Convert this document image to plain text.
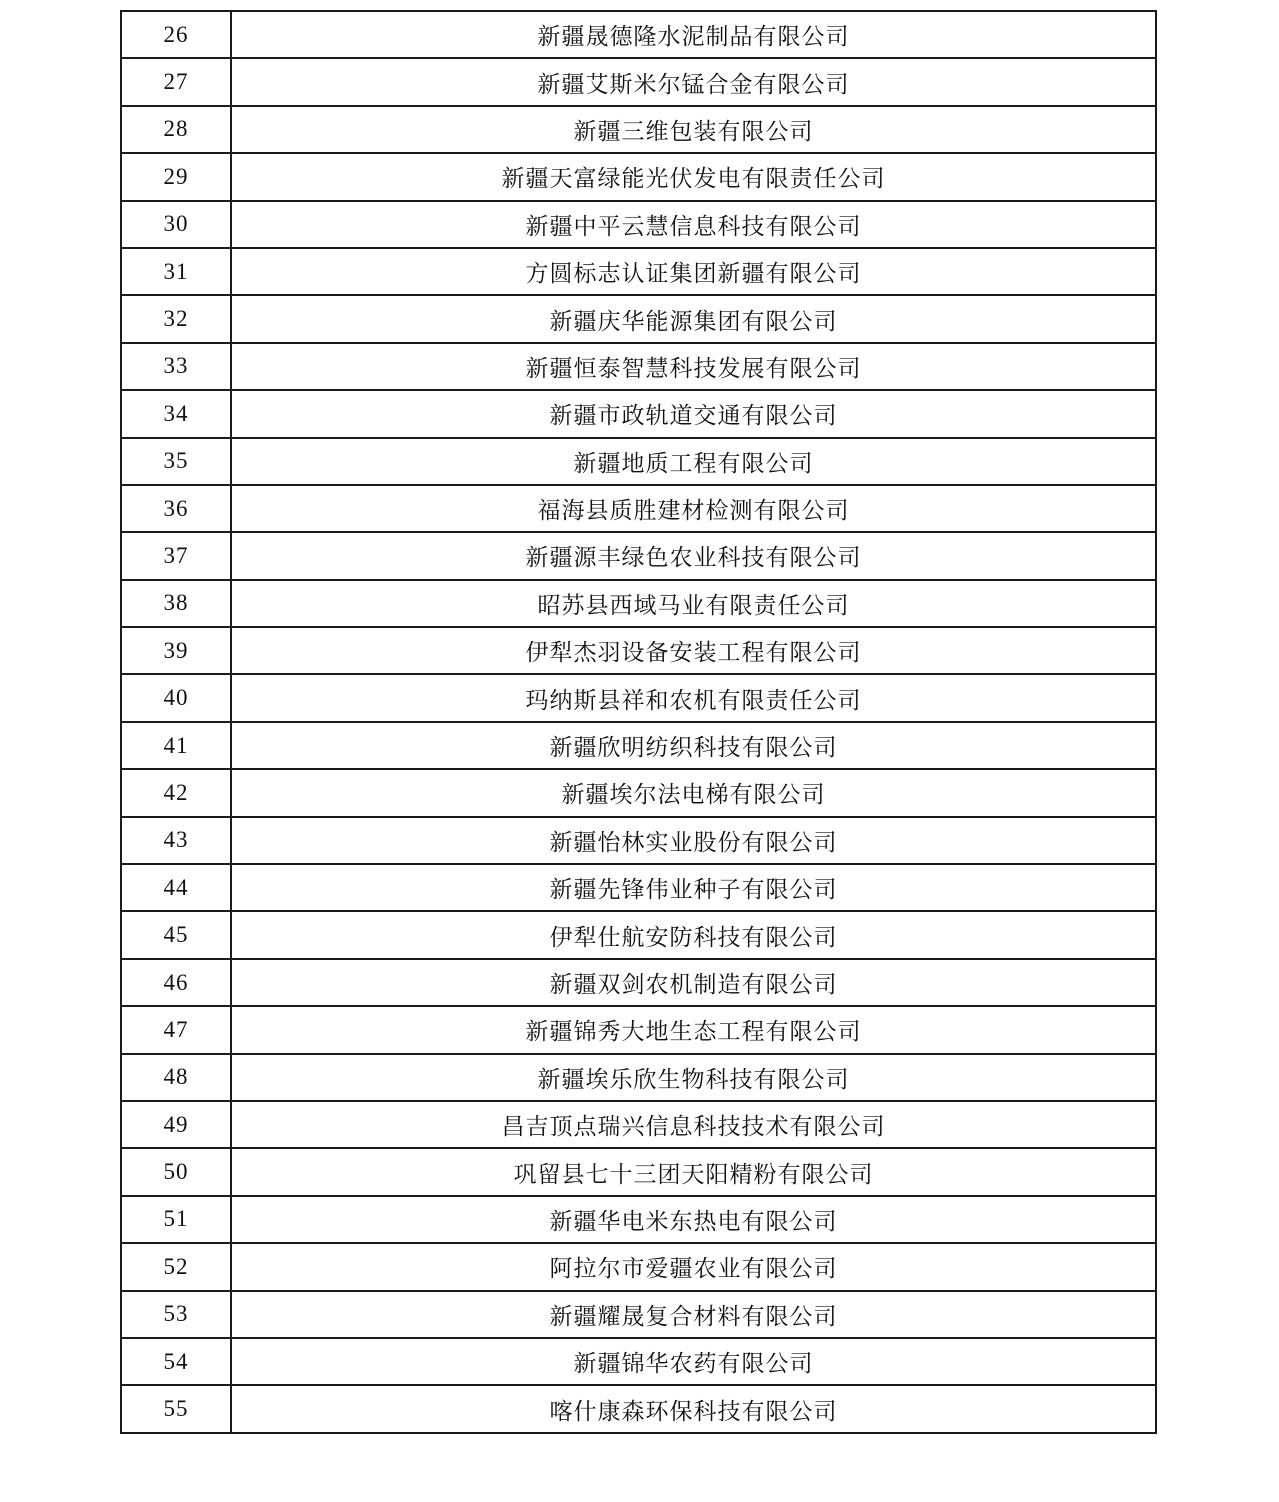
26	新疆晟德隆水泥制品有限公司
27	新疆艾斯米尔锰合金有限公司
28	新疆三维包装有限公司
29	新疆天富绿能光伏发电有限责任公司
30	新疆中平云慧信息科技有限公司
31	方圆标志认证集团新疆有限公司
32	新疆庆华能源集团有限公司
33	新疆恒泰智慧科技发展有限公司
34	新疆市政轨道交通有限公司
35	新疆地质工程有限公司
36	福海县质胜建材检测有限公司
37	新疆源丰绿色农业科技有限公司
38	昭苏县西域马业有限责任公司
39	伊犁杰羽设备安装工程有限公司
40	玛纳斯县祥和农机有限责任公司
41	新疆欣明纺织科技有限公司
42	新疆埃尔法电梯有限公司
43	新疆怡林实业股份有限公司
44	新疆先锋伟业种子有限公司
45	伊犁仕航安防科技有限公司
46	新疆双剑农机制造有限公司
47	新疆锦秀大地生态工程有限公司
48	新疆埃乐欣生物科技有限公司
49	昌吉顶点瑞兴信息科技技术有限公司
50	巩留县七十三团天阳精粉有限公司
51	新疆华电米东热电有限公司
52	阿拉尔市爱疆农业有限公司
53	新疆耀晟复合材料有限公司
54	新疆锦华农药有限公司
55	喀什康森环保科技有限公司
